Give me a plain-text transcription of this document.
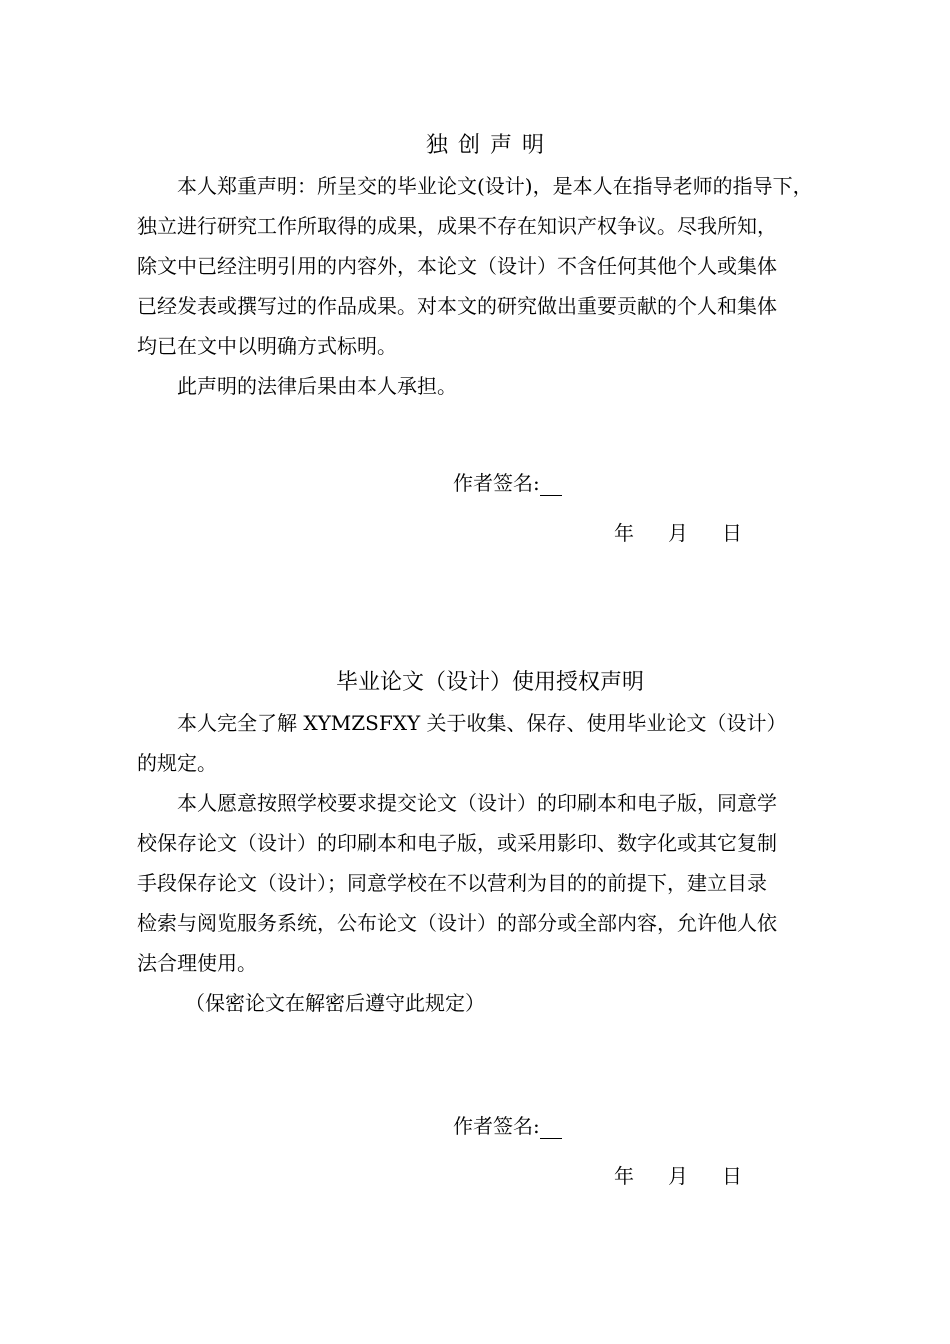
独创声明
　　本人郑重声明：所呈交的毕业论文(设计)，是本人在指导老师的指导下，
独立进行研究工作所取得的成果，成果不存在知识产权争议。尽我所知，
除文中已经注明引用的内容外，本论文（设计）不含任何其他个人或集体
已经发表或撰写过的作品成果。对本文的研究做出重要贡献的个人和集体
均已在文中以明确方式标明。
　　此声明的法律后果由本人承担。
作者签名:
年 月 日
毕业论文（设计）使用授权声明
　　本人完全了解 XYMZSFXY 关于收集、保存、使用毕业论文（设计）
的规定。
　　本人愿意按照学校要求提交论文（设计）的印刷本和电子版，同意学
校保存论文（设计）的印刷本和电子版，或采用影印、数字化或其它复制
手段保存论文（设计）；同意学校在不以营利为目的的前提下，建立目录
检索与阅览服务系统，公布论文（设计）的部分或全部内容，允许他人依
法合理使用。
　　（保密论文在解密后遵守此规定）
作者签名:
年 月 日
